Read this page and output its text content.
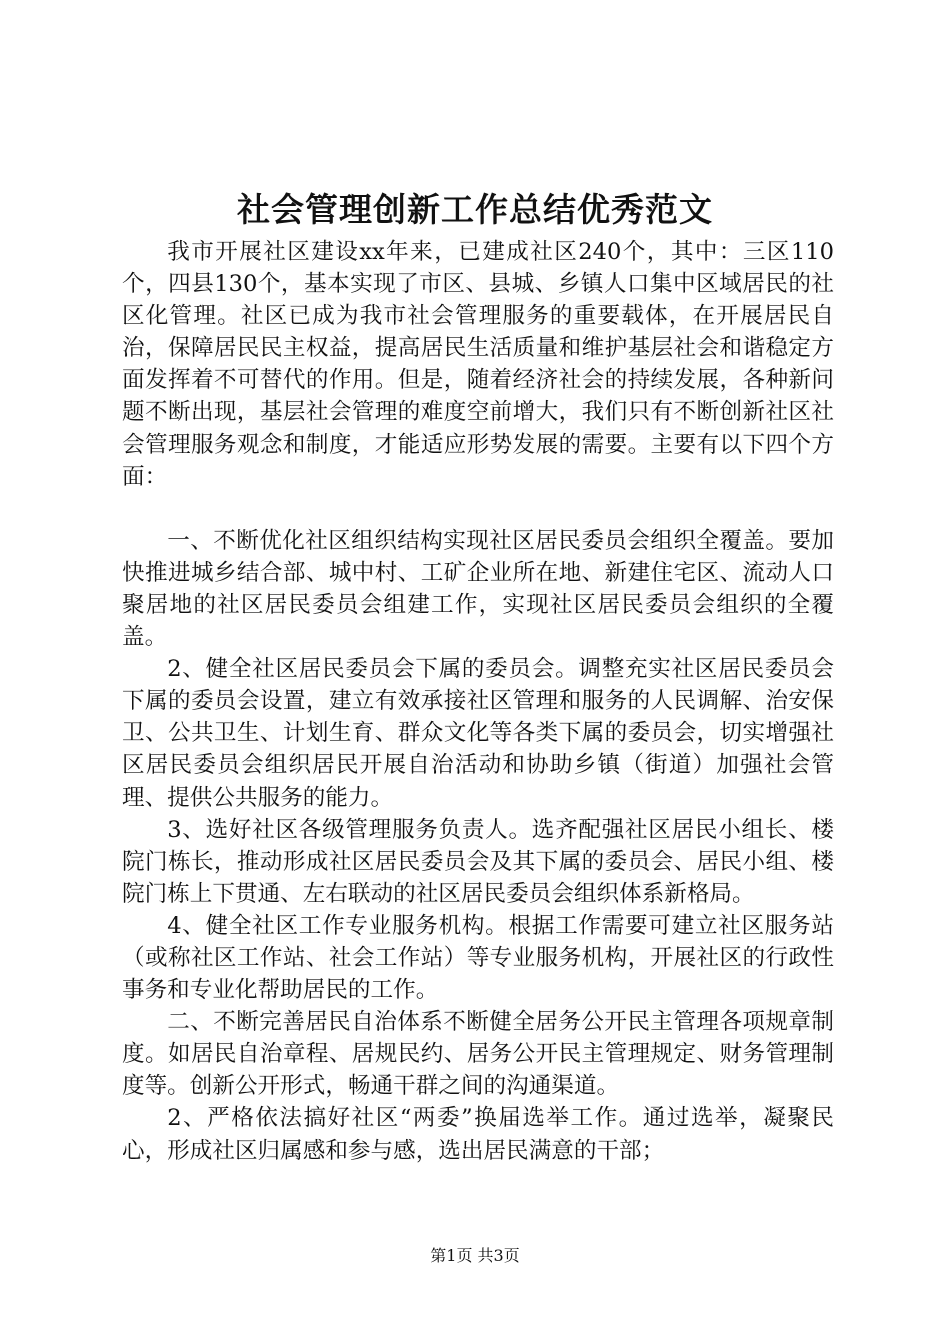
社会管理创新工作总结优秀范文

我市开展社区建设xx年来，已建成社区240个，其中：三区110个，四县130个，基本实现了市区、县城、乡镇人口集中区域居民的社区化管理。社区已成为我市社会管理服务的重要载体，在开展居民自治，保障居民民主权益，提高居民生活质量和维护基层社会和谐稳定方面发挥着不可替代的作用。但是，随着经济社会的持续发展，各种新问题不断出现，基层社会管理的难度空前增大，我们只有不断创新社区社会管理服务观念和制度，才能适应形势发展的需要。主要有以下四个方面：

一、不断优化社区组织结构实现社区居民委员会组织全覆盖。要加快推进城乡结合部、城中村、工矿企业所在地、新建住宅区、流动人口聚居地的社区居民委员会组建工作，实现社区居民委员会组织的全覆盖。

2、健全社区居民委员会下属的委员会。调整充实社区居民委员会下属的委员会设置，建立有效承接社区管理和服务的人民调解、治安保卫、公共卫生、计划生育、群众文化等各类下属的委员会，切实增强社区居民委员会组织居民开展自治活动和协助乡镇（街道）加强社会管理、提供公共服务的能力。

3、选好社区各级管理服务负责人。选齐配强社区居民小组长、楼院门栋长，推动形成社区居民委员会及其下属的委员会、居民小组、楼院门栋上下贯通、左右联动的社区居民委员会组织体系新格局。

4、健全社区工作专业服务机构。根据工作需要可建立社区服务站（或称社区工作站、社会工作站）等专业服务机构，开展社区的行政性事务和专业化帮助居民的工作。

二、不断完善居民自治体系不断健全居务公开民主管理各项规章制度。如居民自治章程、居规民约、居务公开民主管理规定、财务管理制度等。创新公开形式，畅通干群之间的沟通渠道。

2、严格依法搞好社区“两委”换届选举工作。通过选举，凝聚民心，形成社区归属感和参与感，选出居民满意的干部；

第1页 共3页
